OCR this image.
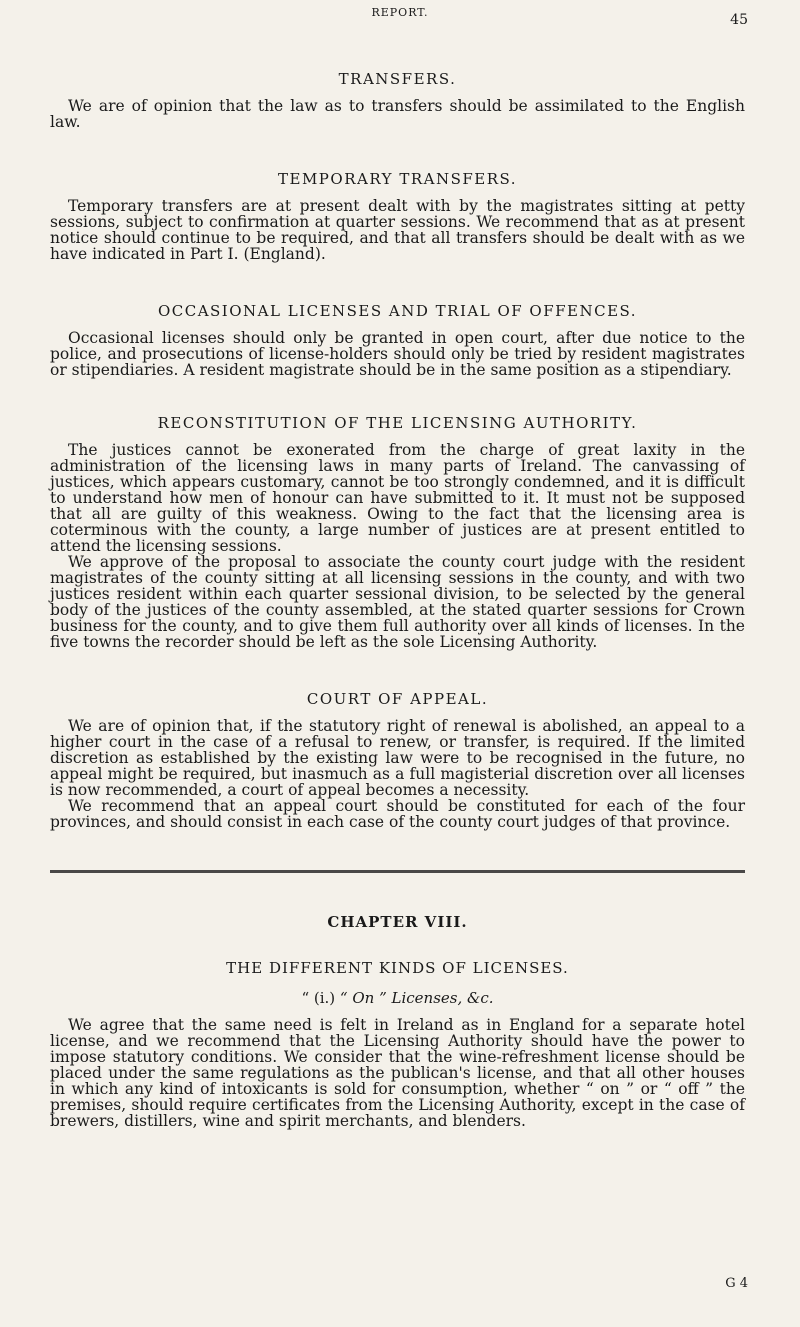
REPORT.	45
TRANSFERS.

We are of opinion that the law as to transfers should be assimilated to the English law.

TEMPORARY TRANSFERS.

Temporary transfers are at present dealt with by the magistrates sitting at petty sessions, subject to confirmation at quarter sessions. We recommend that as at present notice should continue to be required, and that all transfers should be dealt with as we have indicated in Part I. (England).

OCCASIONAL LICENSES AND TRIAL OF OFFENCES.

Occasional licenses should only be granted in open court, after due notice to the police, and prosecutions of license-holders should only be tried by resident magistrates or stipendiaries. A resident magistrate should be in the same position as a stipendiary.

RECONSTITUTION OF THE LICENSING AUTHORITY.

The justices cannot be exonerated from the charge of great laxity in the administration of the licensing laws in many parts of Ireland. The canvassing of justices, which appears customary, cannot be too strongly condemned, and it is difficult to understand how men of honour can have submitted to it. It must not be supposed that all are guilty of this weakness. Owing to the fact that the licensing area is coterminous with the county, a large number of justices are at present entitled to attend the licensing sessions.

We approve of the proposal to associate the county court judge with the resident magistrates of the county sitting at all licensing sessions in the county, and with two justices resident within each quarter sessional division, to be selected by the general body of the justices of the county assembled, at the stated quarter sessions for Crown business for the county, and to give them full authority over all kinds of licenses. In the five towns the recorder should be left as the sole Licensing Authority.

COURT OF APPEAL.

We are of opinion that, if the statutory right of renewal is abolished, an appeal to a higher court in the case of a refusal to renew, or transfer, is required. If the limited discretion as established by the existing law were to be recognised in the future, no appeal might be required, but inasmuch as a full magisterial discretion over all licenses is now recommended, a court of appeal becomes a necessity.

We recommend that an appeal court should be constituted for each of the four provinces, and should consist in each case of the county court judges of that province.

CHAPTER VIII.
THE DIFFERENT KINDS OF LICENSES.
“ (i.) “ On ” Licenses, &c.

We agree that the same need is felt in Ireland as in England for a separate hotel license, and we recommend that the Licensing Authority should have the power to impose statutory conditions. We consider that the wine-refreshment license should be placed under the same regulations as the publican's license, and that all other houses in which any kind of intoxicants is sold for consumption, whether “ on ” or “ off ” the premises, should require certificates from the Licensing Authority, except in the case of brewers, distillers, wine and spirit merchants, and blenders.

G 4
